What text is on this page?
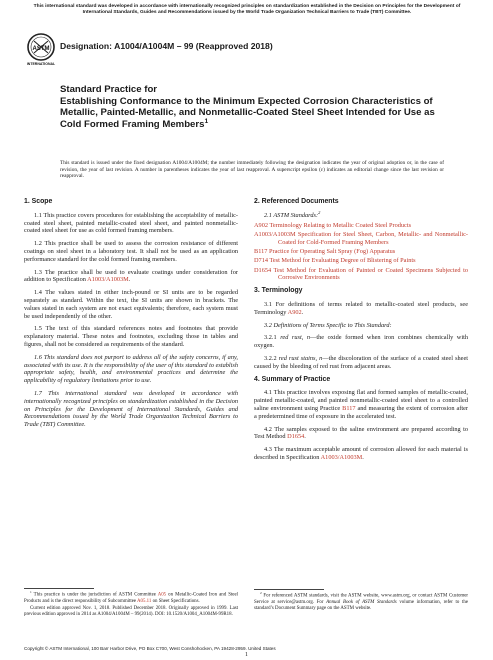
This international standard was developed in accordance with internationally recognized principles on standardization established in the Decision on Principles for the Development of International Standards, Guides and Recommendations issued by the World Trade Organization Technical Barriers to Trade (TBT) Committee.
ASTM
INTERNATIONAL
Designation: A1004/A1004M – 99 (Reapproved 2018)
Standard Practice for
Establishing Conformance to the Minimum Expected Corrosion Characteristics of Metallic, Painted-Metallic, and Nonmetallic-Coated Steel Sheet Intended for Use as Cold Formed Framing Members$^1$
This standard is issued under the fixed designation A1004/A1004M; the number immediately following the designation indicates the year of original adoption or, in the case of revision, the year of last revision. A number in parentheses indicates the year of last reapproval. A superscript epsilon (ε) indicates an editorial change since the last revision or reapproval.
1. Scope

1.1 This practice covers procedures for establishing the acceptability of metallic-coated steel sheet, painted metallic-coated steel sheet, and painted nonmetallic-coated steel sheet for use as cold formed framing members.

1.2 This practice shall be used to assess the corrosion resistance of different coatings on steel sheet in a laboratory test. It shall not be used as an application performance standard for the cold formed framing members.

1.3 The practice shall be used to evaluate coatings under consideration for addition to Specification A1003/A1003M.

1.4 The values stated in either inch-pound or SI units are to be regarded separately as standard. Within the text, the SI units are shown in brackets. The values stated in each system are not exact equivalents; therefore, each system must be used independently of the other.

1.5 The text of this standard references notes and footnotes that provide explanatory material. These notes and footnotes, excluding those in tables and figures, shall not be considered as requirements of the standard.

1.6 This standard does not purport to address all of the safety concerns, if any, associated with its use. It is the responsibility of the user of this standard to establish appropriate safety, health, and environmental practices and determine the applicability of regulatory limitations prior to use.

1.7 This international standard was developed in accordance with internationally recognized principles on standardization established in the Decision on Principles for the Development of International Standards, Guides and Recommendations issued by the World Trade Organization Technical Barriers to Trade (TBT) Committee.

2. Referenced Documents

2.1 ASTM Standards:$^2$

A902 Terminology Relating to Metallic Coated Steel Products
A1003/A1003M Specification for Steel Sheet, Carbon, Metallic- and Nonmetallic-Coated for Cold-Formed Framing Members
B117 Practice for Operating Salt Spray (Fog) Apparatus
D714 Test Method for Evaluating Degree of Blistering of Paints
D1654 Test Method for Evaluation of Painted or Coated Specimens Subjected to Corrosive Environments
3. Terminology

3.1 For definitions of terms related to metallic-coated steel products, see Terminology A902.

3.2 Definitions of Terms Specific to This Standard:

3.2.1 red rust, n—the oxide formed when iron combines chemically with oxygen.

3.2.2 red rust stains, n—the discoloration of the surface of a coated steel sheet caused by the bleeding of red rust from adjacent areas.

4. Summary of Practice

4.1 This practice involves exposing flat and formed samples of metallic-coated, painted metallic-coated, and painted nonmetallic-coated steel sheet to a controlled saline environment using Practice B117 and measuring the extent of corrosion after a predetermined time of exposure in the accelerated test.

4.2 The samples exposed to the saline environment are prepared according to Test Method D1654.

4.3 The maximum acceptable amount of corrosion allowed for each material is described in Specification A1003/A1003M.

$^1$ This practice is under the jurisdiction of ASTM Committee A05 on Metallic-Coated Iron and Steel Products and is the direct responsibility of Subcommittee A05.11 on Sheet Specifications.

Current edition approved Nov. 1, 2018. Published December 2018. Originally approved in 1999. Last previous edition approved in 2014 as A1004/A1004M – 99(2014). DOI: 10.1520/A1004_A1004M-99R18.

$^2$ For referenced ASTM standards, visit the ASTM website, www.astm.org, or contact ASTM Customer Service at service@astm.org. For Annual Book of ASTM Standards volume information, refer to the standard’s Document Summary page on the ASTM website.

Copyright © ASTM International, 100 Barr Harbor Drive, PO Box C700, West Conshohocken, PA 19428-2959. United States
1
